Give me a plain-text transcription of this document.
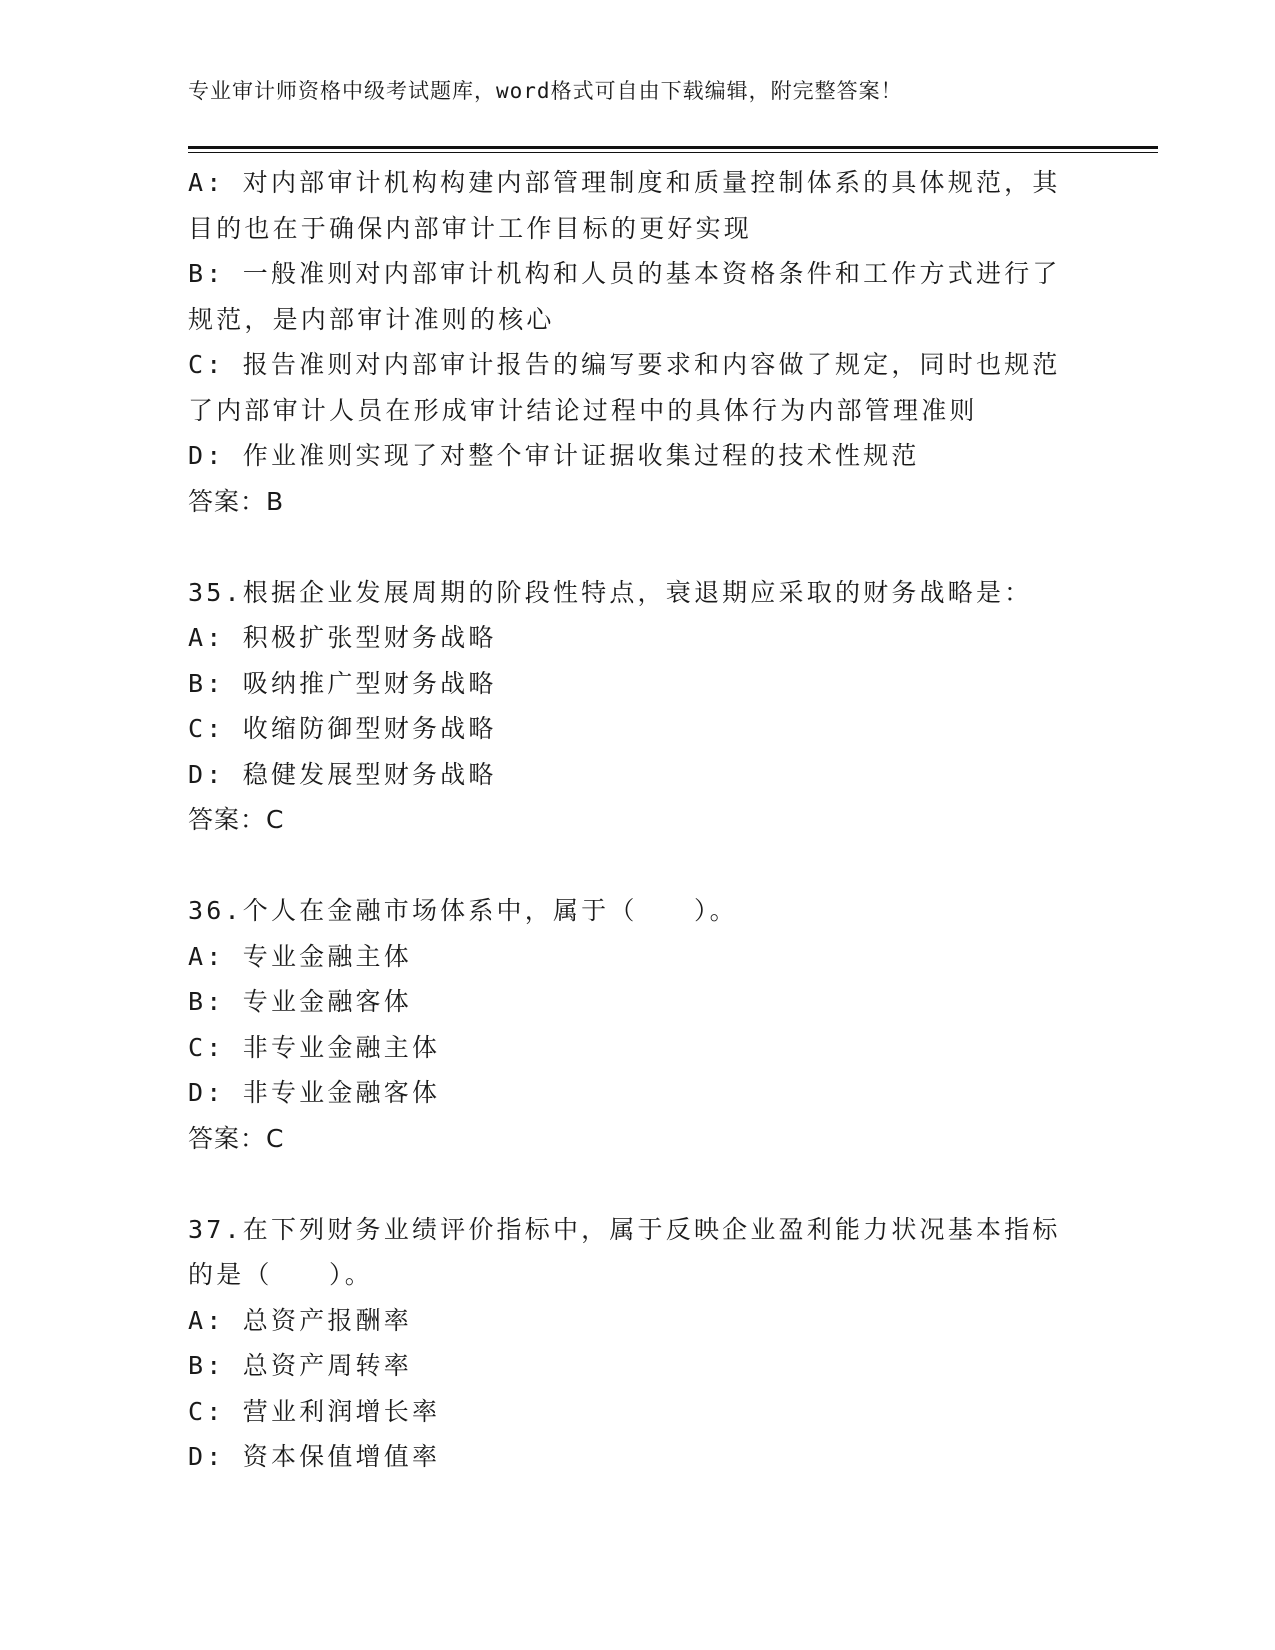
专业审计师资格中级考试题库，word格式可自由下载编辑，附完整答案！
A: 对内部审计机构构建内部管理制度和质量控制体系的具体规范，其
目的也在于确保内部审计工作目标的更好实现
B: 一般准则对内部审计机构和人员的基本资格条件和工作方式进行了
规范，是内部审计准则的核心
C: 报告准则对内部审计报告的编写要求和内容做了规定，同时也规范
了内部审计人员在形成审计结论过程中的具体行为内部管理准则
D: 作业准则实现了对整个审计证据收集过程的技术性规范
答案：B
35.根据企业发展周期的阶段性特点，衰退期应采取的财务战略是：
A: 积极扩张型财务战略
B: 吸纳推广型财务战略
C: 收缩防御型财务战略
D: 稳健发展型财务战略
答案：C
36.个人在金融市场体系中，属于（　　）。
A: 专业金融主体
B: 专业金融客体
C: 非专业金融主体
D: 非专业金融客体
答案：C
37.在下列财务业绩评价指标中，属于反映企业盈利能力状况基本指标
的是（　　）。
A: 总资产报酬率
B: 总资产周转率
C: 营业利润增长率
D: 资本保值增值率
